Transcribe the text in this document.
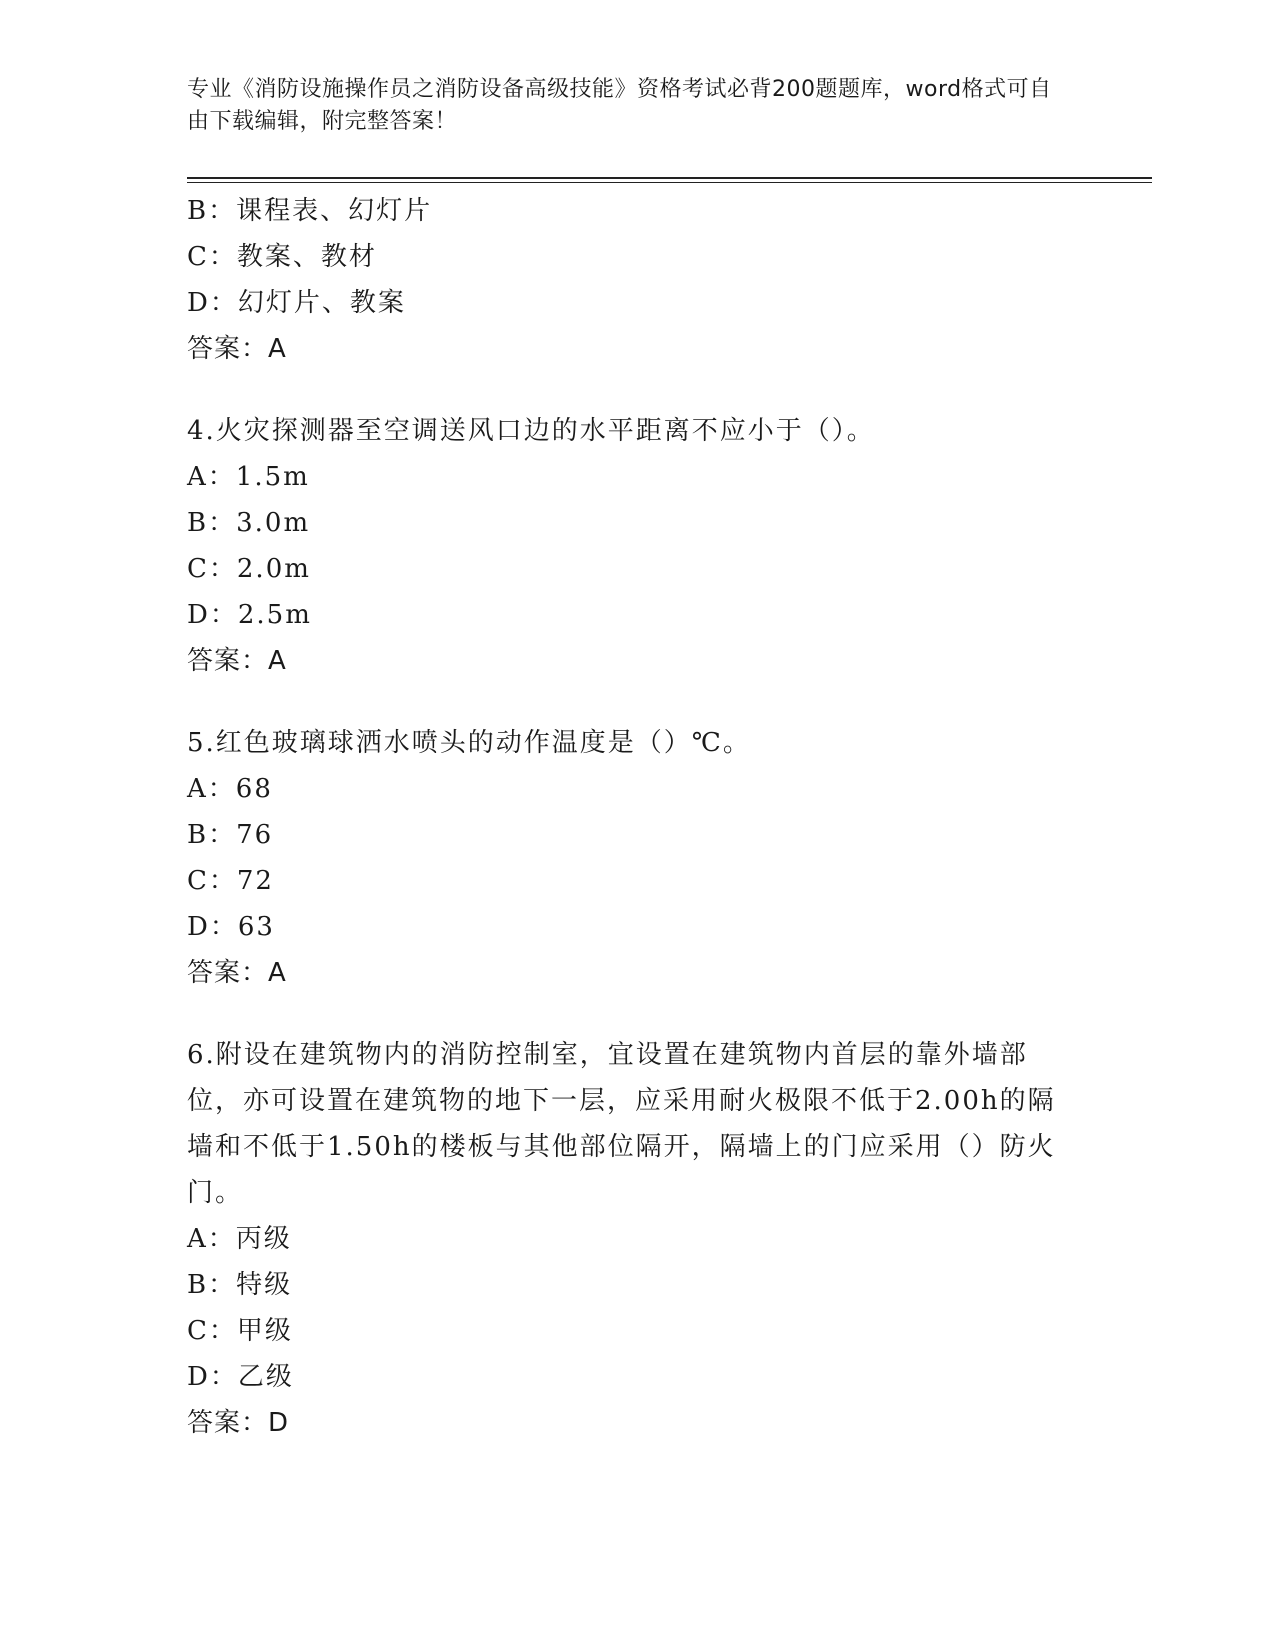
专业《消防设施操作员之消防设备高级技能》资格考试必背200题题库，word格式可自由下载编辑，附完整答案！
B：课程表、幻灯片
C：教案、教材
D：幻灯片、教案
答案：A
4.火灾探测器至空调送风口边的水平距离不应小于（）。
A：1.5m
B：3.0m
C：2.0m
D：2.5m
答案：A
5.红色玻璃球洒水喷头的动作温度是（）℃。
A：68
B：76
C：72
D：63
答案：A
6.附设在建筑物内的消防控制室，宜设置在建筑物内首层的靠外墙部位，亦可设置在建筑物的地下一层，应采用耐火极限不低于2.00h的隔墙和不低于1.50h的楼板与其他部位隔开，隔墙上的门应采用（）防火门。
A：丙级
B：特级
C：甲级
D：乙级
答案：D
